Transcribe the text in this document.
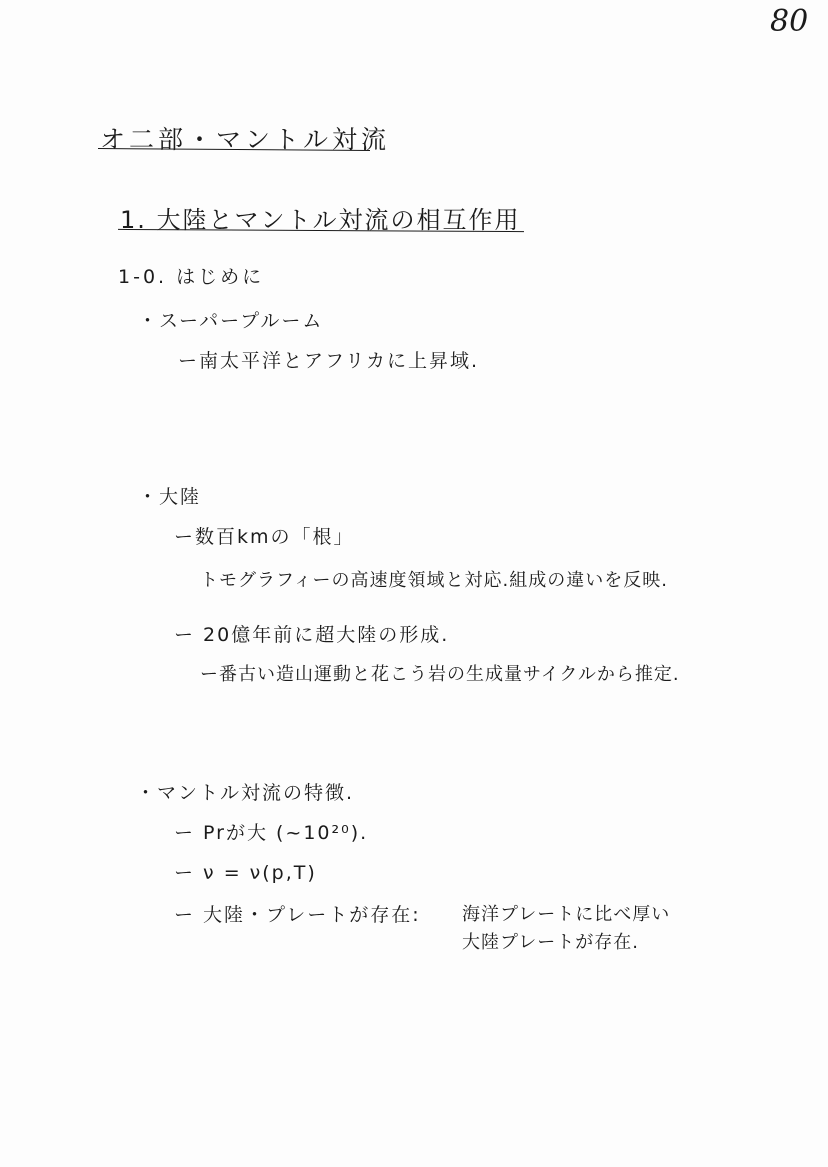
80
オ二部・マントル対流
1. 大陸とマントル対流の相互作用
1-0. はじめに
・スーパープルーム
ー南太平洋とアフリカに上昇域.
・大陸
ー数百kmの「根」
トモグラフィーの高速度領域と対応.組成の違いを反映.
ー 20億年前に超大陸の形成.
ー番古い造山運動と花こう岩の生成量サイクルから推定.
・マントル対流の特徴.
ー Prが大 (~10²⁰).
ー ν = ν(p,T)
ー 大陸・プレートが存在: 海洋プレートに比べ厚い
大陸プレートが存在.
